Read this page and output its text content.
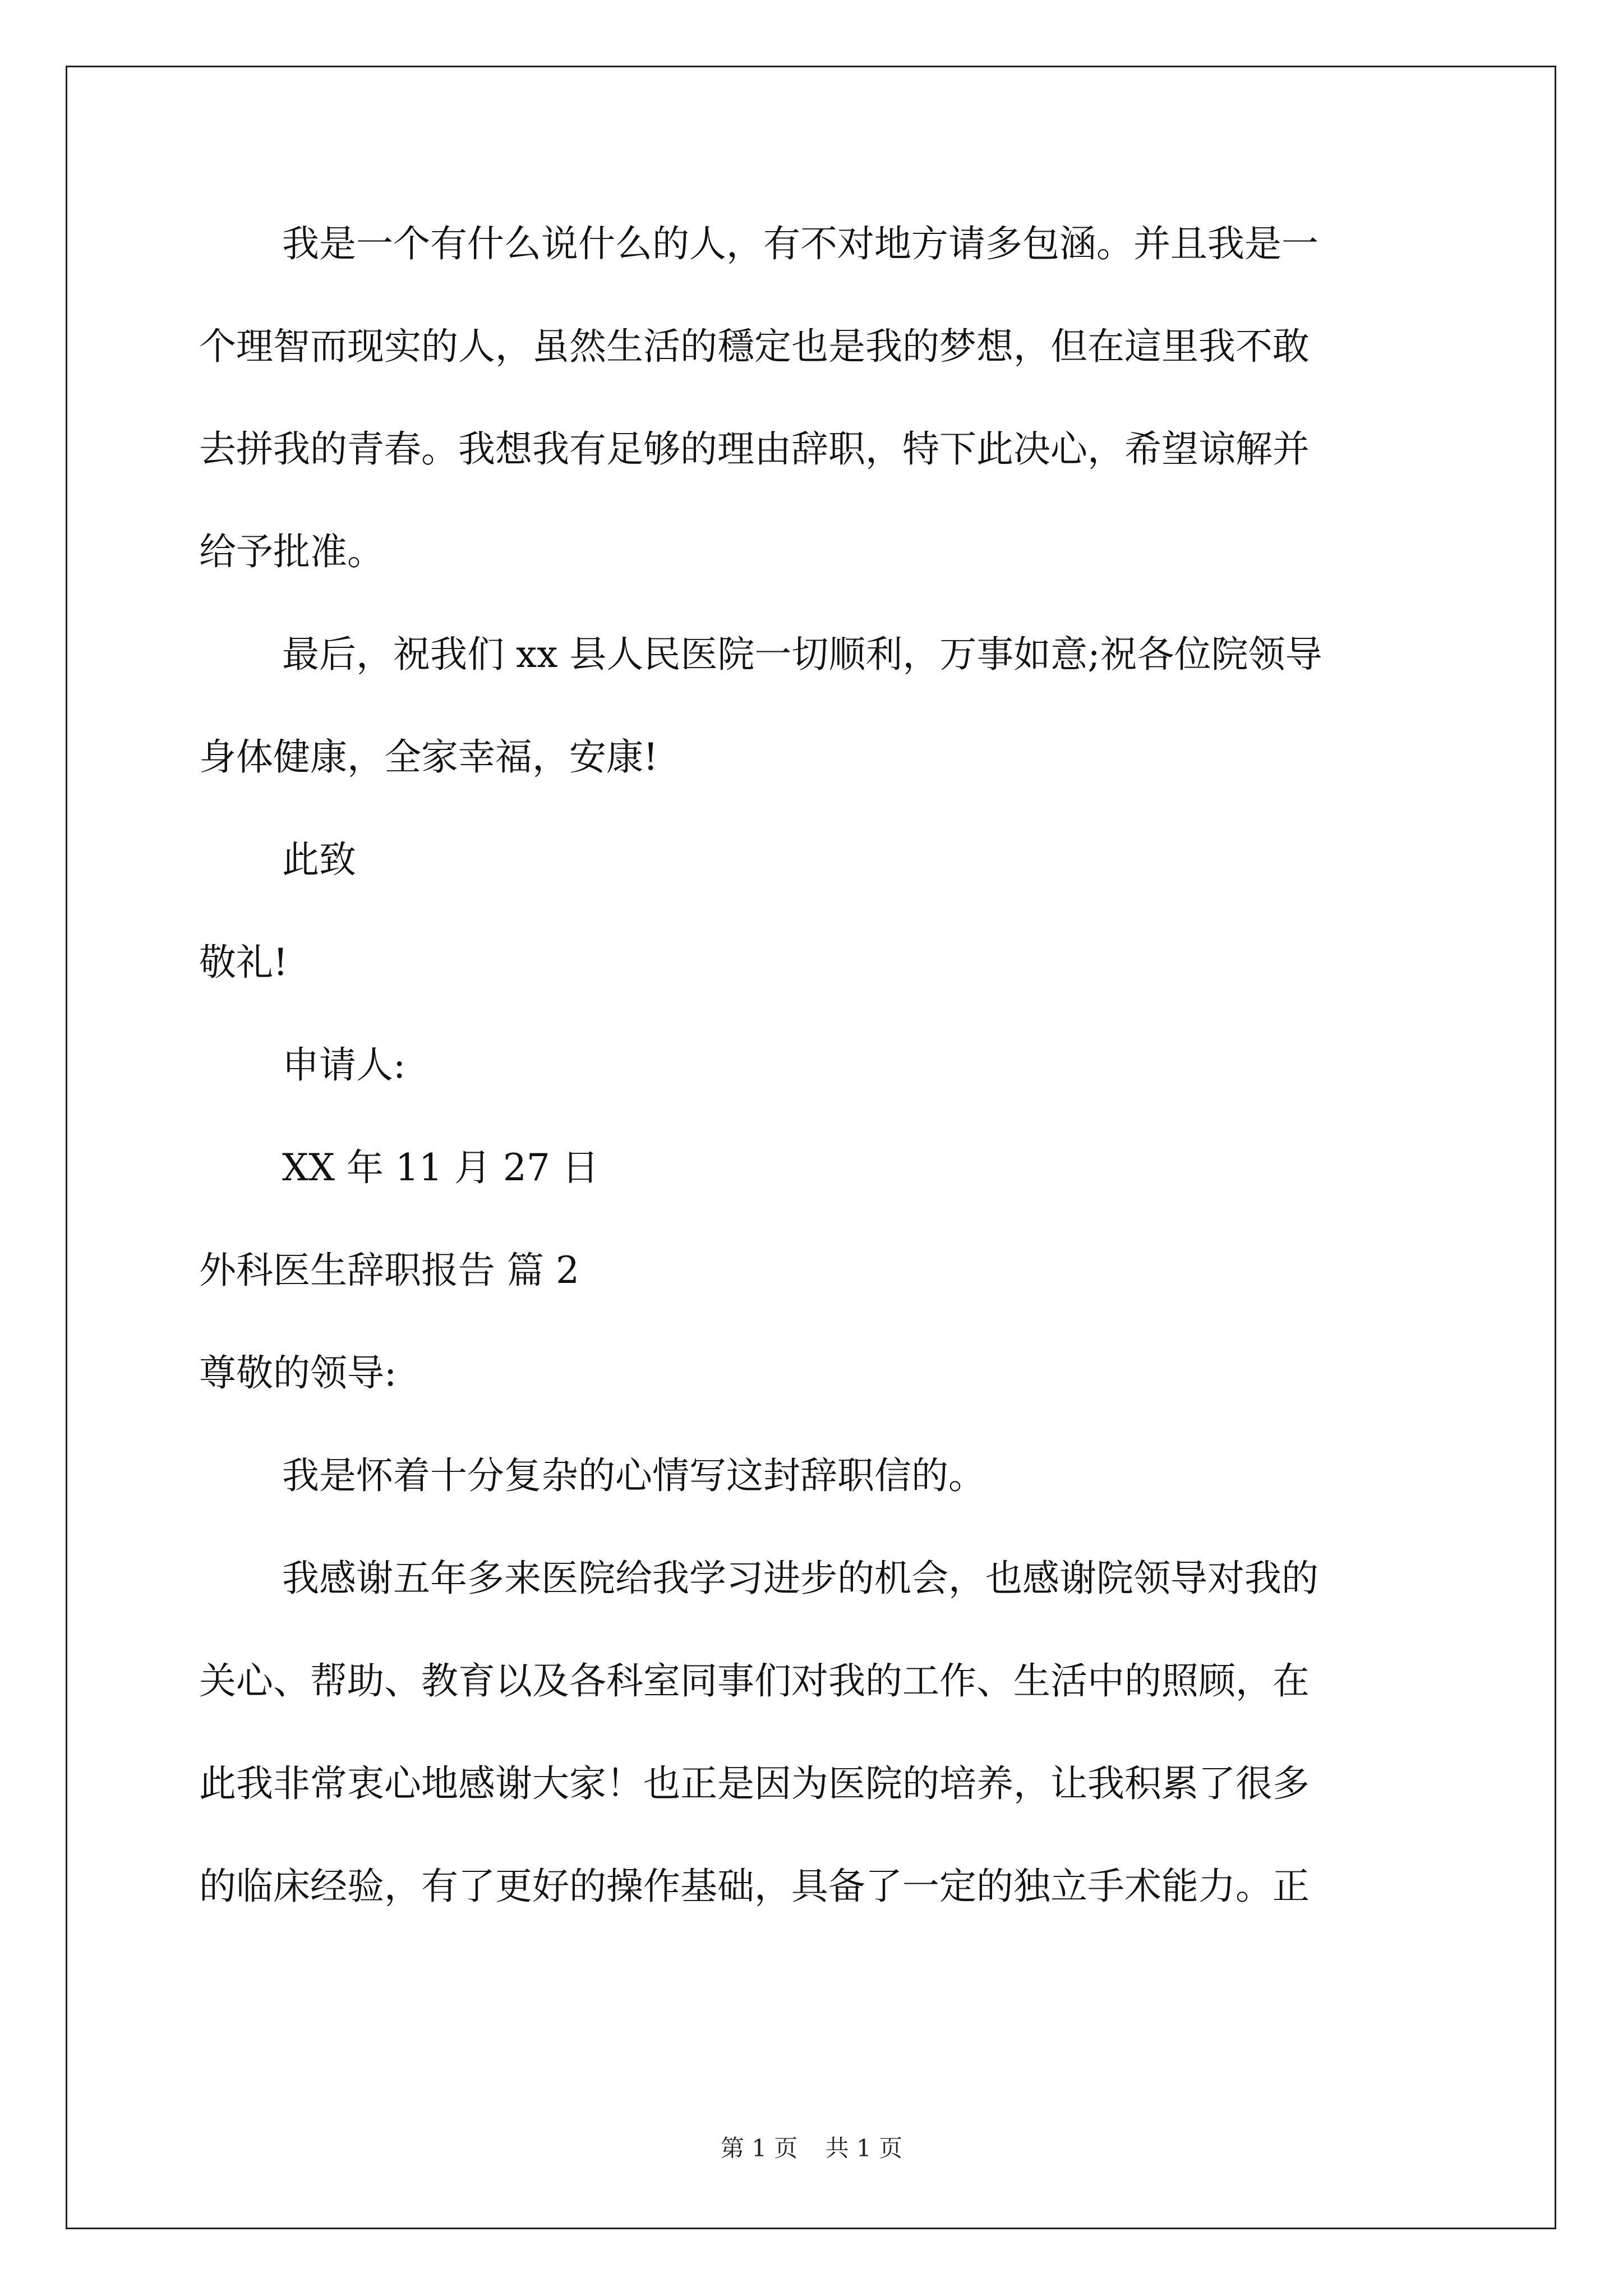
我是一个有什么说什么的人，有不对地方请多包涵。并且我是一
个理智而现实的人，虽然生活的穩定也是我的梦想，但在這里我不敢
去拼我的青春。我想我有足够的理由辞职，特下此决心，希望谅解并
给予批准。
最后，祝我们 xx 县人民医院一切顺利，万事如意;祝各位院领导
身体健康，全家幸福，安康!
此致
敬礼!
申请人:
XX 年 11 月 27 日
外科医生辞职报告 篇 2
尊敬的领导:
我是怀着十分复杂的心情写这封辞职信的。
我感谢五年多来医院给我学习进步的机会，也感谢院领导对我的
关心、帮助、教育以及各科室同事们对我的工作、生活中的照顾，在
此我非常衷心地感谢大家！也正是因为医院的培养，让我积累了很多
的临床经验，有了更好的操作基础，具备了一定的独立手术能力。正
第 1 页 共 1 页
